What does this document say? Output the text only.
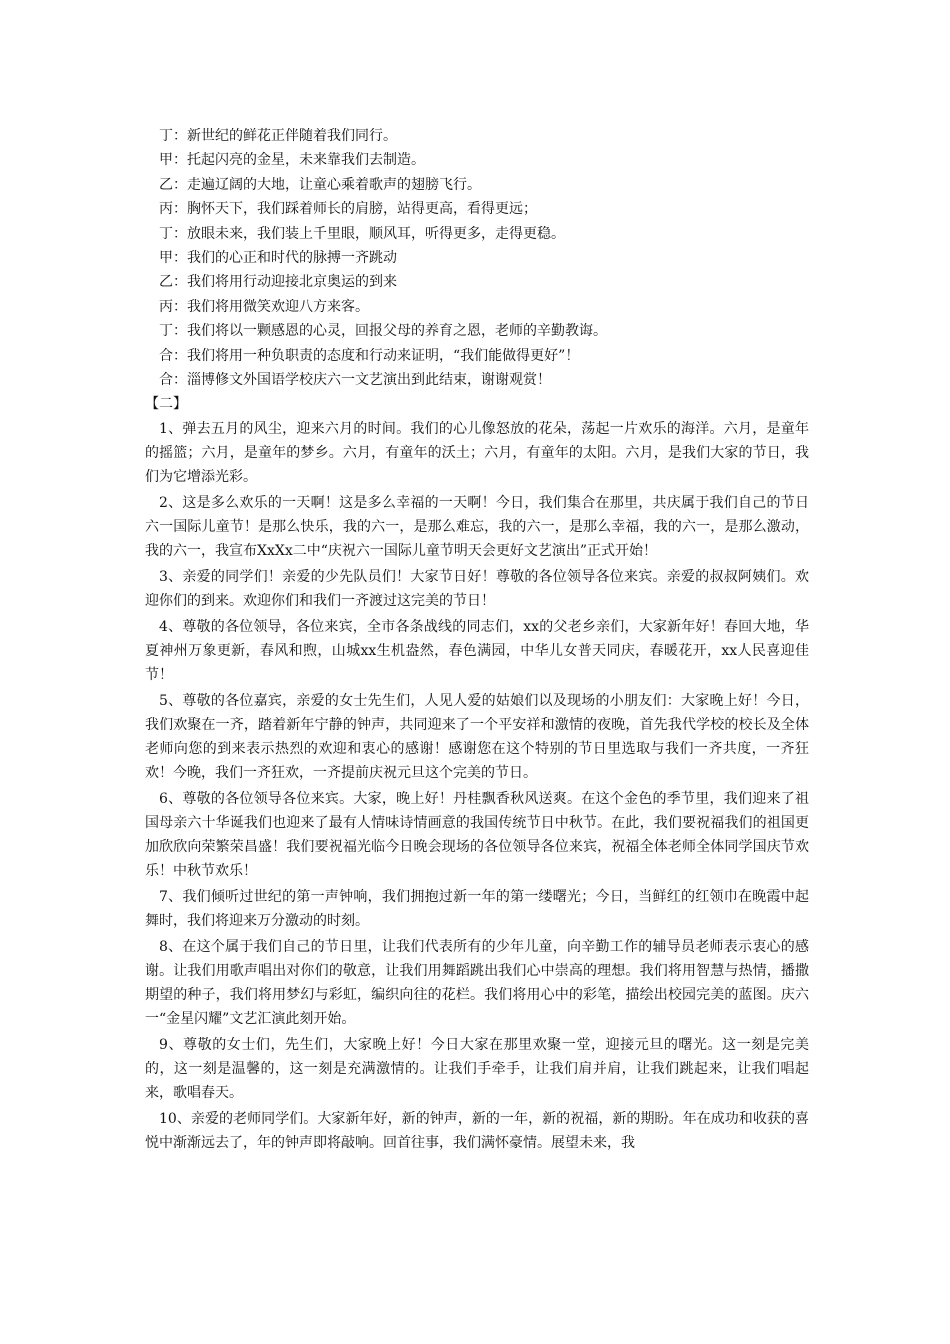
丁：新世纪的鲜花正伴随着我们同行。

甲：托起闪亮的金星，未来靠我们去制造。

乙：走遍辽阔的大地，让童心乘着歌声的翅膀飞行。

丙：胸怀天下，我们踩着师长的肩膀，站得更高，看得更远；

丁：放眼未来，我们装上千里眼，顺风耳，听得更多，走得更稳。

甲：我们的心正和时代的脉搏一齐跳动

乙：我们将用行动迎接北京奥运的到来

丙：我们将用微笑欢迎八方来客。

丁：我们将以一颗感恩的心灵，回报父母的养育之恩，老师的辛勤教诲。

合：我们将用一种负职责的态度和行动来证明，“我们能做得更好”！

合：淄博修文外国语学校庆六一文艺演出到此结束，谢谢观赏！

【二】

1、弹去五月的风尘，迎来六月的时间。我们的心儿像怒放的花朵，荡起一片欢乐的海洋。六月，是童年的摇篮；六月，是童年的梦乡。六月，有童年的沃土；六月，有童年的太阳。六月，是我们大家的节日，我们为它增添光彩。

2、这是多么欢乐的一天啊！这是多么幸福的一天啊！今日，我们集合在那里，共庆属于我们自己的节日六一国际儿童节！是那么快乐，我的六一，是那么难忘，我的六一，是那么幸福，我的六一，是那么激动，我的六一，我宣布XxXx二中“庆祝六一国际儿童节明天会更好文艺演出”正式开始！

3、亲爱的同学们！亲爱的少先队员们！大家节日好！尊敬的各位领导各位来宾。亲爱的叔叔阿姨们。欢迎你们的到来。欢迎你们和我们一齐渡过这完美的节日！

4、尊敬的各位领导，各位来宾，全市各条战线的同志们，xx的父老乡亲们，大家新年好！春回大地，华夏神州万象更新，春风和煦，山城xx生机盎然，春色满园，中华儿女普天同庆，春暖花开，xx人民喜迎佳节！

5、尊敬的各位嘉宾，亲爱的女士先生们，人见人爱的姑娘们以及现场的小朋友们：大家晚上好！今日，我们欢聚在一齐，踏着新年宁静的钟声，共同迎来了一个平安祥和激情的夜晚，首先我代学校的校长及全体老师向您的到来表示热烈的欢迎和衷心的感谢！感谢您在这个特别的节日里选取与我们一齐共度，一齐狂欢！今晚，我们一齐狂欢，一齐提前庆祝元旦这个完美的节日。

6、尊敬的各位领导各位来宾。大家，晚上好！丹桂飘香秋风送爽。在这个金色的季节里，我们迎来了祖国母亲六十华诞我们也迎来了最有人情味诗情画意的我国传统节日中秋节。在此，我们要祝福我们的祖国更加欣欣向荣繁荣昌盛！我们要祝福光临今日晚会现场的各位领导各位来宾，祝福全体老师全体同学国庆节欢乐！中秋节欢乐！

7、我们倾听过世纪的第一声钟响，我们拥抱过新一年的第一缕曙光；今日，当鲜红的红领巾在晚霞中起舞时，我们将迎来万分激动的时刻。

8、在这个属于我们自己的节日里，让我们代表所有的少年儿童，向辛勤工作的辅导员老师表示衷心的感谢。让我们用歌声唱出对你们的敬意，让我们用舞蹈跳出我们心中崇高的理想。我们将用智慧与热情，播撒期望的种子，我们将用梦幻与彩虹，编织向往的花栏。我们将用心中的彩笔，描绘出校园完美的蓝图。庆六一“金星闪耀”文艺汇演此刻开始。

9、尊敬的女士们，先生们，大家晚上好！今日大家在那里欢聚一堂，迎接元旦的曙光。这一刻是完美的，这一刻是温馨的，这一刻是充满激情的。让我们手牵手，让我们肩并肩，让我们跳起来，让我们唱起来，歌唱春天。

10、亲爱的老师同学们。大家新年好，新的钟声，新的一年，新的祝福，新的期盼。年在成功和收获的喜悦中渐渐远去了，年的钟声即将敲响。回首往事，我们满怀豪情。展望未来，我
